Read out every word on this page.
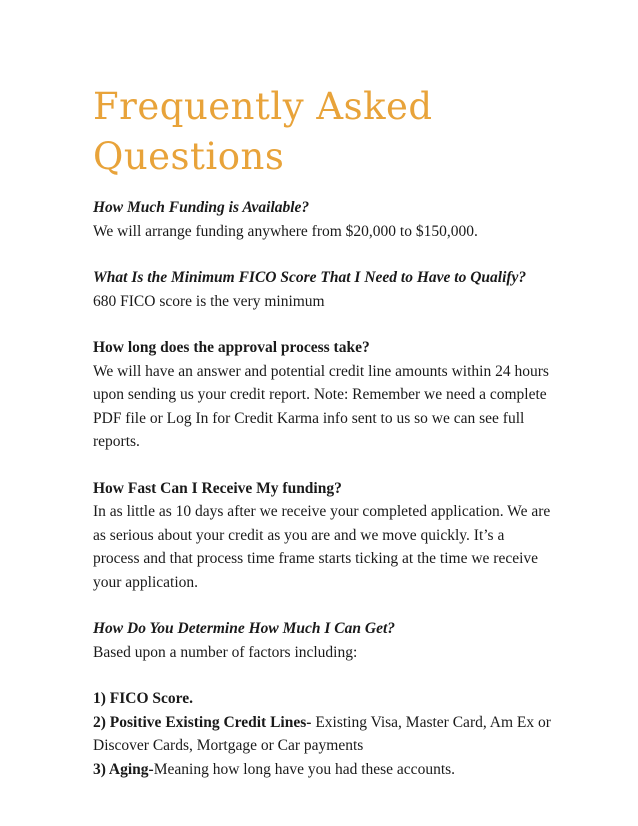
Frequently Asked
Questions

How Much Funding is Available?
We will arrange funding anywhere from $20,000 to $150,000.

What Is the Minimum FICO Score That I Need to Have to Qualify? 680 FICO score is the very minimum

How long does the approval process take?
We will have an answer and potential credit line amounts within 24 hours upon sending us your credit report. Note: Remember we need a complete PDF file or Log In for Credit Karma info sent to us so we can see full reports.

How Fast Can I Receive My funding?
In as little as 10 days after we receive your completed application. We are as serious about your credit as you are and we move quickly. It’s a process and that process time frame starts ticking at the time we receive your application.

How Do You Determine How Much I Can Get?
Based upon a number of factors including:

1) FICO Score.
2) Positive Existing Credit Lines- Existing Visa, Master Card, Am Ex or Discover Cards, Mortgage or Car payments
3) Aging-Meaning how long have you had these accounts.
